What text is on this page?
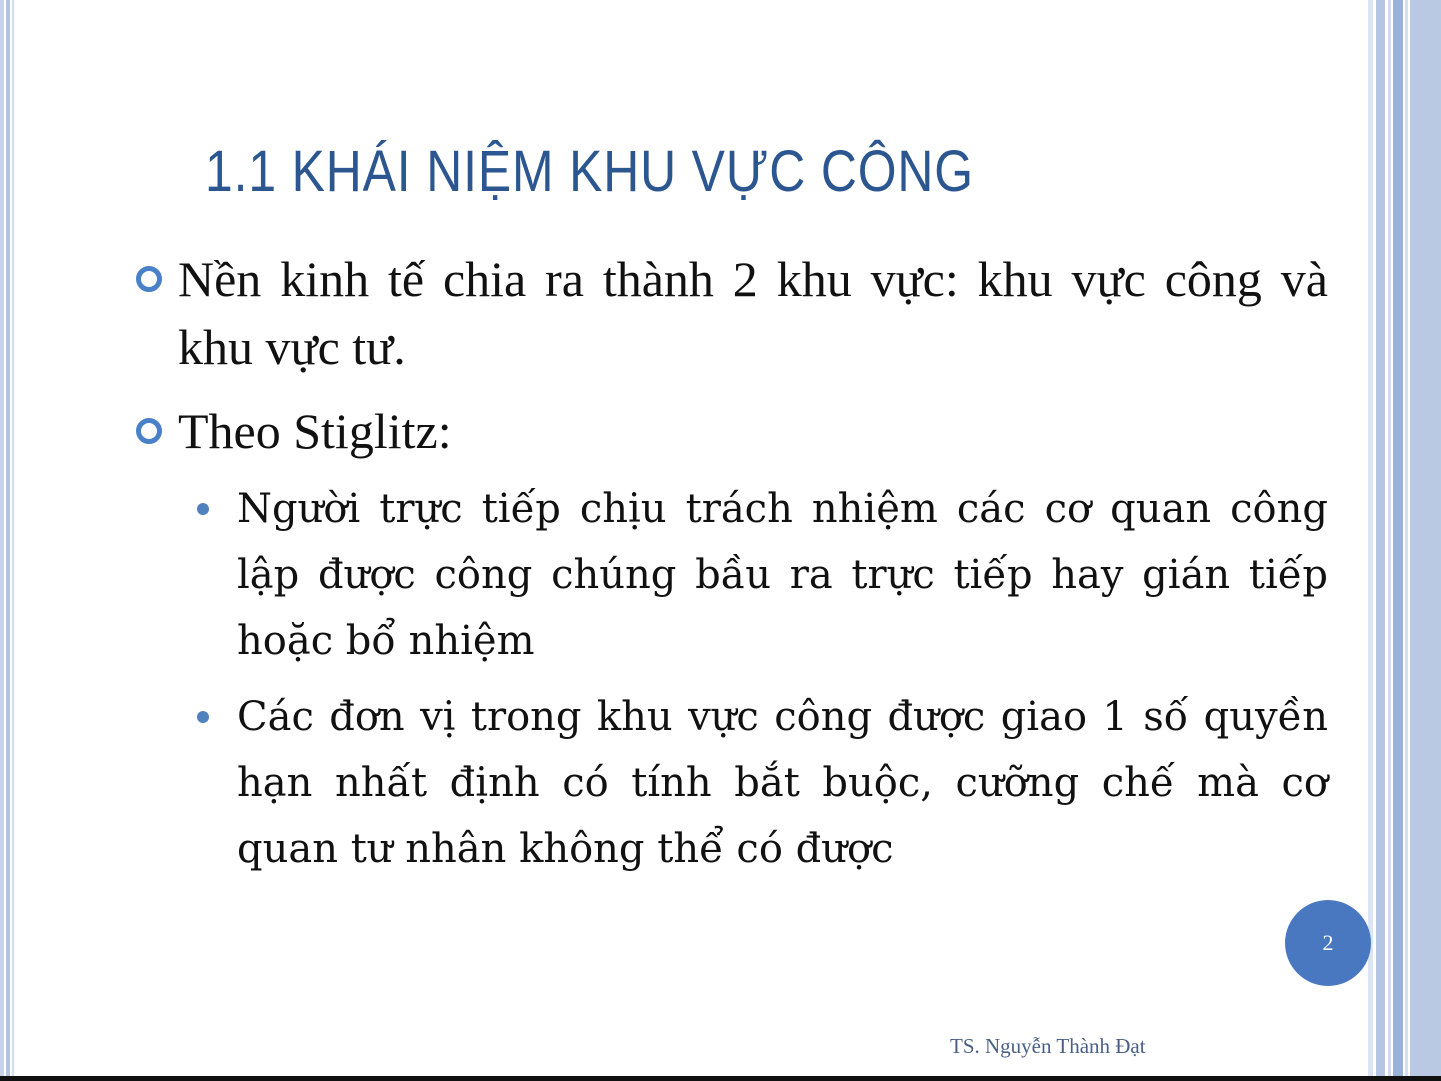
1.1 KHÁI NIỆM KHU VỰC CÔNG

Nền kinh tế chia ra thành 2 khu vực: khu vực công và khu vực tư.

Theo Stiglitz:

Người trực tiếp chịu trách nhiệm các cơ quan công lập được công chúng bầu ra trực tiếp hay gián tiếp hoặc bổ nhiệm

Các đơn vị trong khu vực công được giao 1 số quyền hạn nhất định có tính bắt buộc, cưỡng chế mà cơ quan tư nhân không thể có được

2
TS. Nguyễn Thành Đạt
